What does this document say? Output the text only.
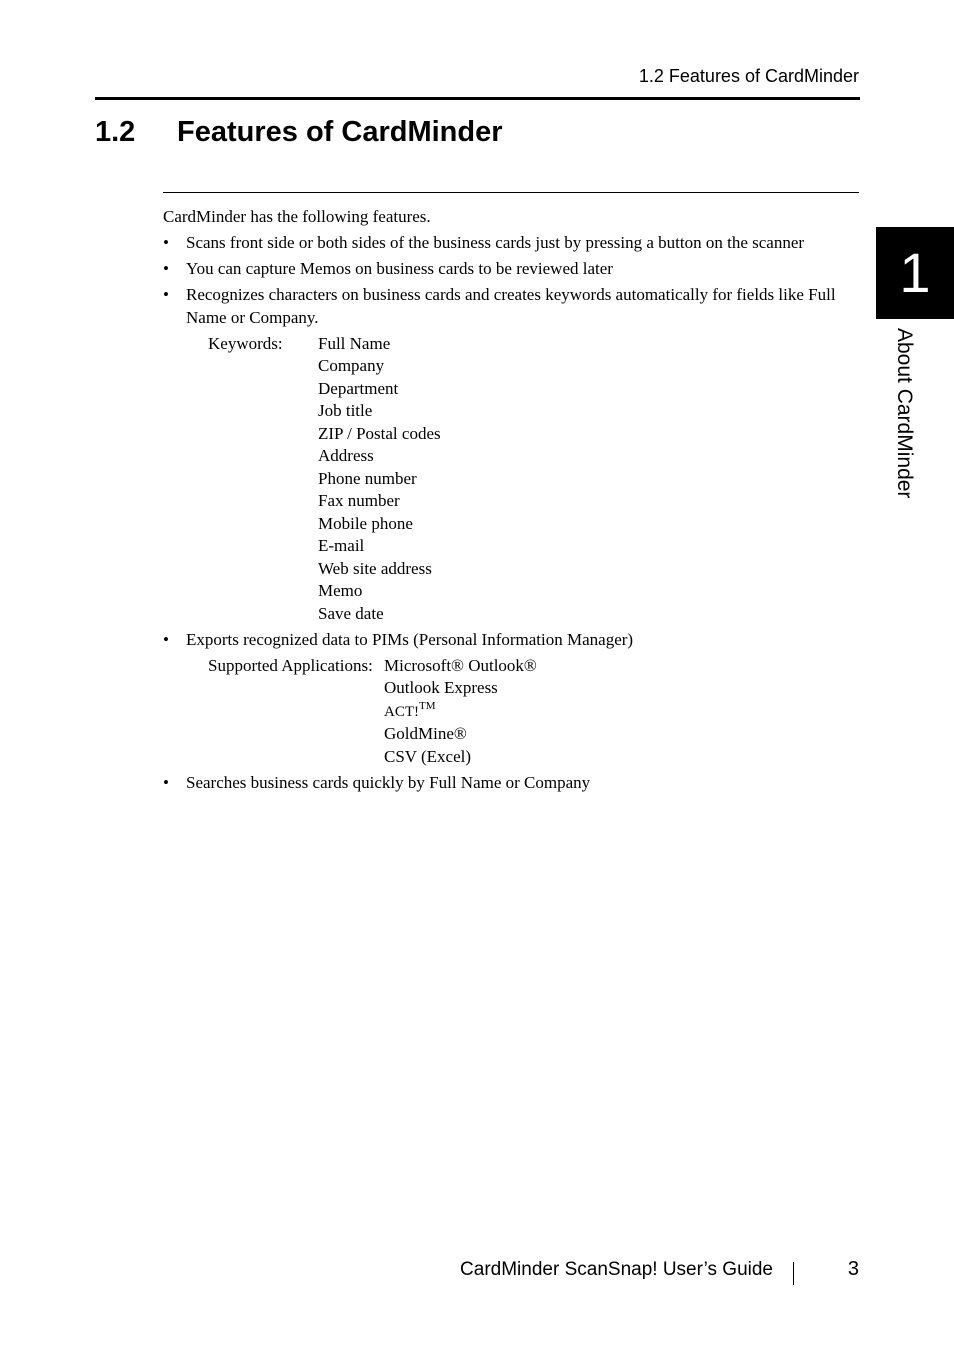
1.2 Features of CardMinder
1.2 Features of CardMinder
CardMinder has the following features.
• Scans front side or both sides of the business cards just by pressing a button on the scanner
• You can capture Memos on business cards to be reviewed later
• Recognizes characters on business cards and creates keywords automatically for fields like Full Name or Company.
Keywords:	Full Name
Company
Department
Job title
ZIP / Postal codes
Address
Phone number
Fax number
Mobile phone
E-mail
Web site address
Memo
Save date
• Exports recognized data to PIMs (Personal Information Manager)
Supported Applications: Microsoft® Outlook®
Outlook Express
ACT!™
GoldMine®
CSV (Excel)
• Searches business cards quickly by Full Name or Company
1
About CardMinder
CardMinder ScanSnap! User’s Guide	3
